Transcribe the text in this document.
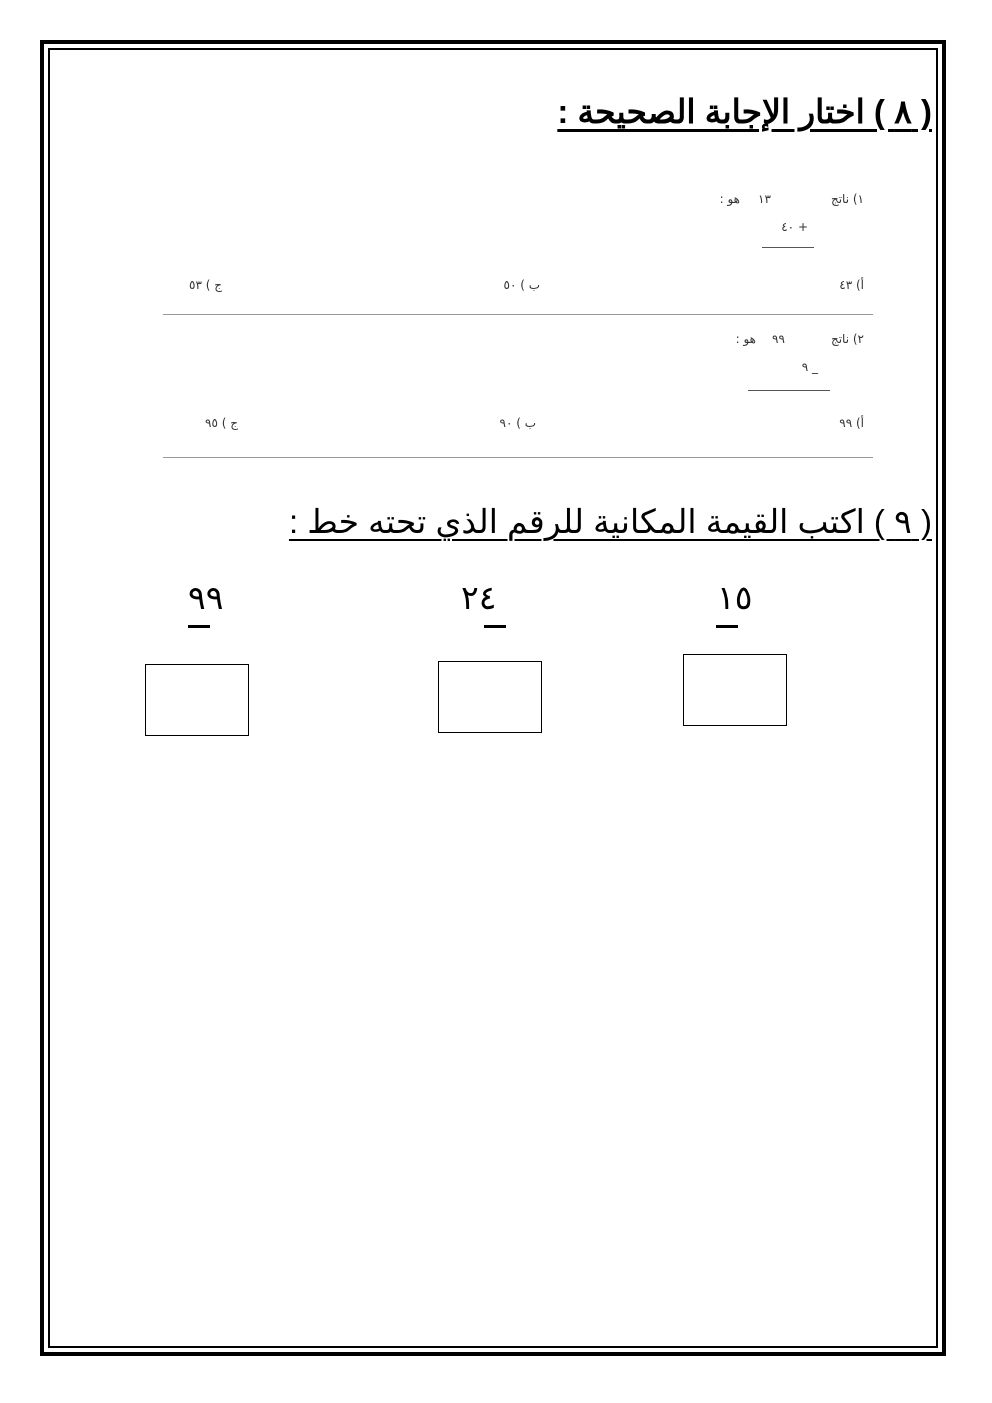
( ٨ ) اختار الإجابة الصحيحة :
١) ناتج
١٣
هو :
+ ٤٠
أ) ٤٣
ب ) ٥٠
ج ) ٥٣
٢) ناتج
٩٩
هو :
_ ٩
أ) ٩٩
ب ) ٩٠
ج ) ٩٥
( ٩ ) اكتب القيمة المكانية للرقم الذي تحته خط :
١٥
٢٤
٩٩
